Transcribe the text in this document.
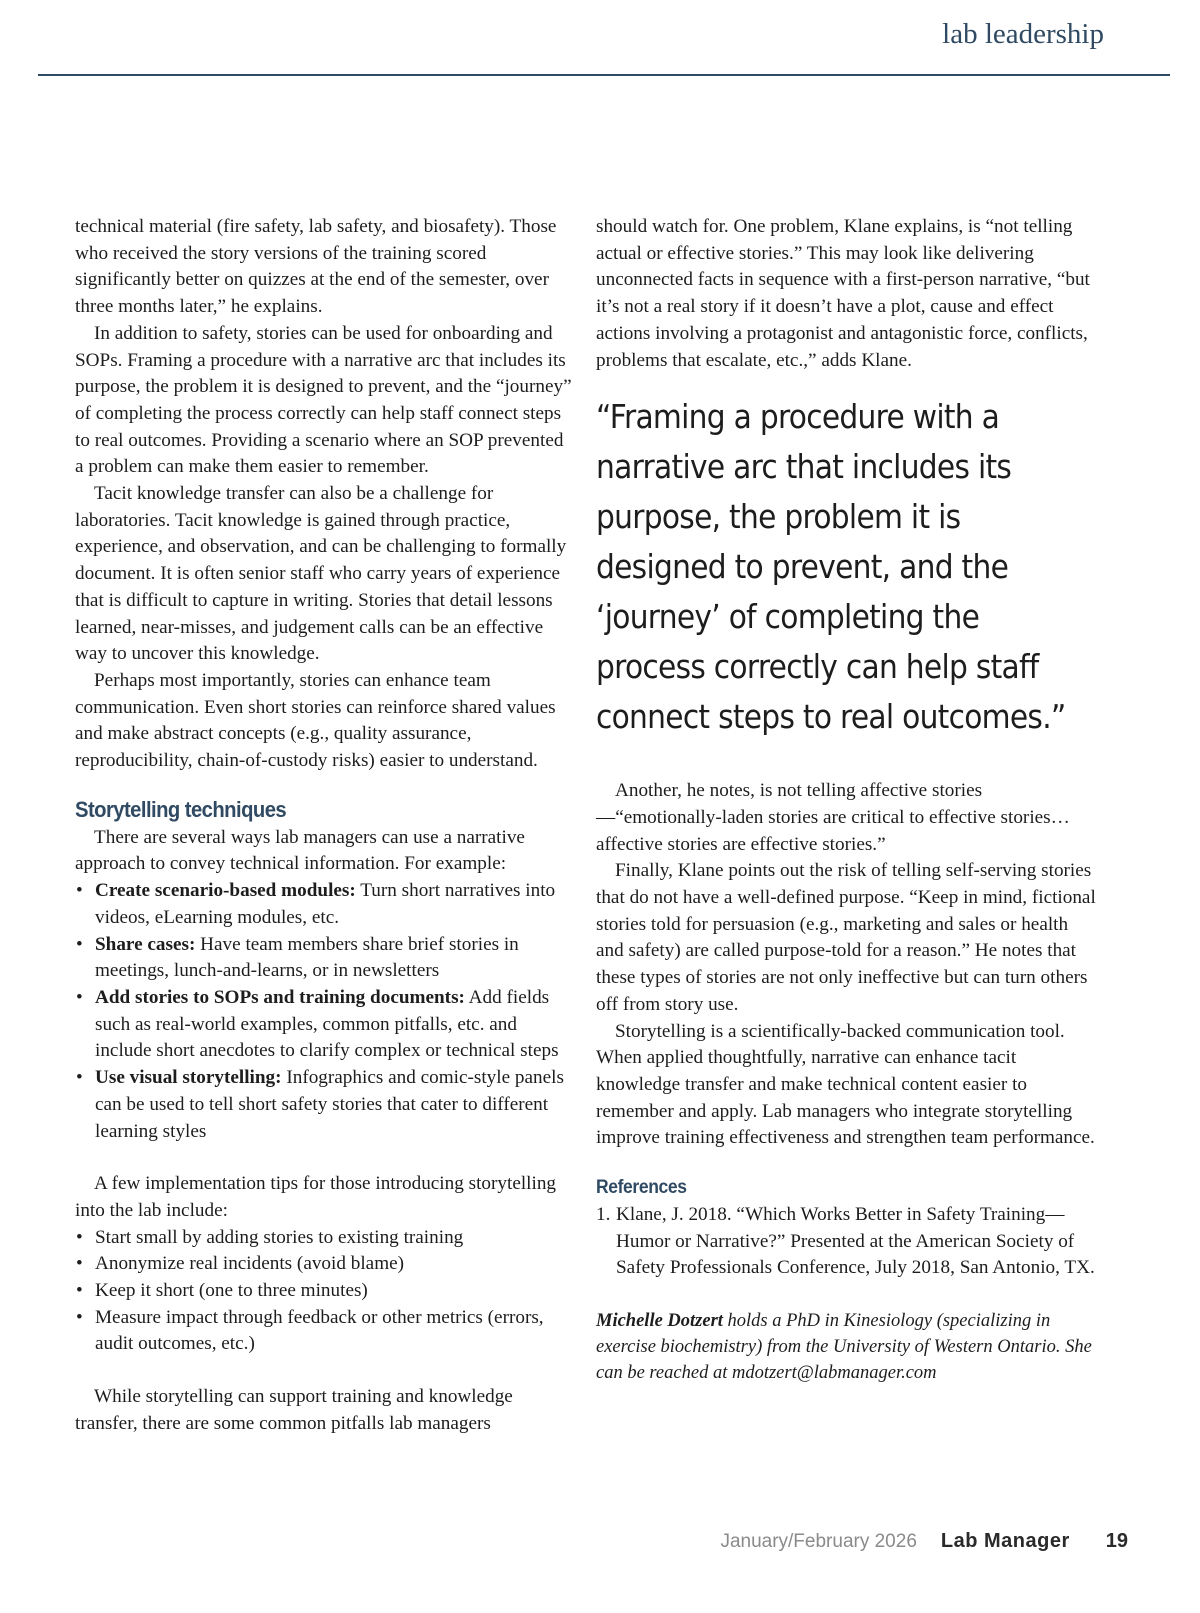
lab leadership

technical material (fire safety, lab safety, and biosafety). Those who received the story versions of the training scored significantly better on quizzes at the end of the semester, over three months later,” he explains.

In addition to safety, stories can be used for onboarding and SOPs. Framing a procedure with a narrative arc that includes its purpose, the problem it is designed to prevent, and the “journey” of completing the process correctly can help staff connect steps to real outcomes. Providing a scenario where an SOP prevented a problem can make them easier to remember.

Tacit knowledge transfer can also be a challenge for laboratories. Tacit knowledge is gained through practice, experience, and observation, and can be challenging to formally document. It is often senior staff who carry years of experience that is difficult to capture in writing. Stories that detail lessons learned, near-misses, and judgement calls can be an effective way to uncover this knowledge.

Perhaps most importantly, stories can enhance team communication. Even short stories can reinforce shared values and make abstract concepts (e.g., quality assurance, reproducibility, chain-of-custody risks) easier to understand.

Storytelling techniques

There are several ways lab managers can use a narrative approach to convey technical information. For example:

• Create scenario-based modules: Turn short narratives into videos, eLearning modules, etc.
• Share cases: Have team members share brief stories in meetings, lunch-and-learns, or in newsletters
• Add stories to SOPs and training documents: Add fields such as real-world examples, common pitfalls, etc. and include short anecdotes to clarify complex or technical steps
• Use visual storytelling: Infographics and comic-style panels can be used to tell short safety stories that cater to different learning styles

A few implementation tips for those introducing storytelling into the lab include:

• Start small by adding stories to existing training
• Anonymize real incidents (avoid blame)
• Keep it short (one to three minutes)
• Measure impact through feedback or other metrics (errors, audit outcomes, etc.)

While storytelling can support training and knowledge transfer, there are some common pitfalls lab managers

should watch for. One problem, Klane explains, is “not telling actual or effective stories.” This may look like delivering unconnected facts in sequence with a first-person narrative, “but it’s not a real story if it doesn’t have a plot, cause and effect actions involving a protagonist and antagonistic force, conflicts, problems that escalate, etc.,” adds Klane.

“Framing a procedure with a narrative arc that includes its purpose, the problem it is designed to prevent, and the ‘journey’ of completing the process correctly can help staff connect steps to real outcomes.”

Another, he notes, is not telling affective stories—“emotionally-laden stories are critical to effective stories…affective stories are effective stories.”

Finally, Klane points out the risk of telling self-serving stories that do not have a well-defined purpose. “Keep in mind, fictional stories told for persuasion (e.g., marketing and sales or health and safety) are called purpose-told for a reason.” He notes that these types of stories are not only ineffective but can turn others off from story use.

Storytelling is a scientifically-backed communication tool. When applied thoughtfully, narrative can enhance tacit knowledge transfer and make technical content easier to remember and apply. Lab managers who integrate storytelling improve training effectiveness and strengthen team performance.

References
1. Klane, J. 2018. “Which Works Better in Safety Training—Humor or Narrative?” Presented at the American Society of Safety Professionals Conference, July 2018, San Antonio, TX.

Michelle Dotzert holds a PhD in Kinesiology (specializing in exercise biochemistry) from the University of Western Ontario. She can be reached at mdotzert@labmanager.com

January/February 2026 Lab Manager 19
